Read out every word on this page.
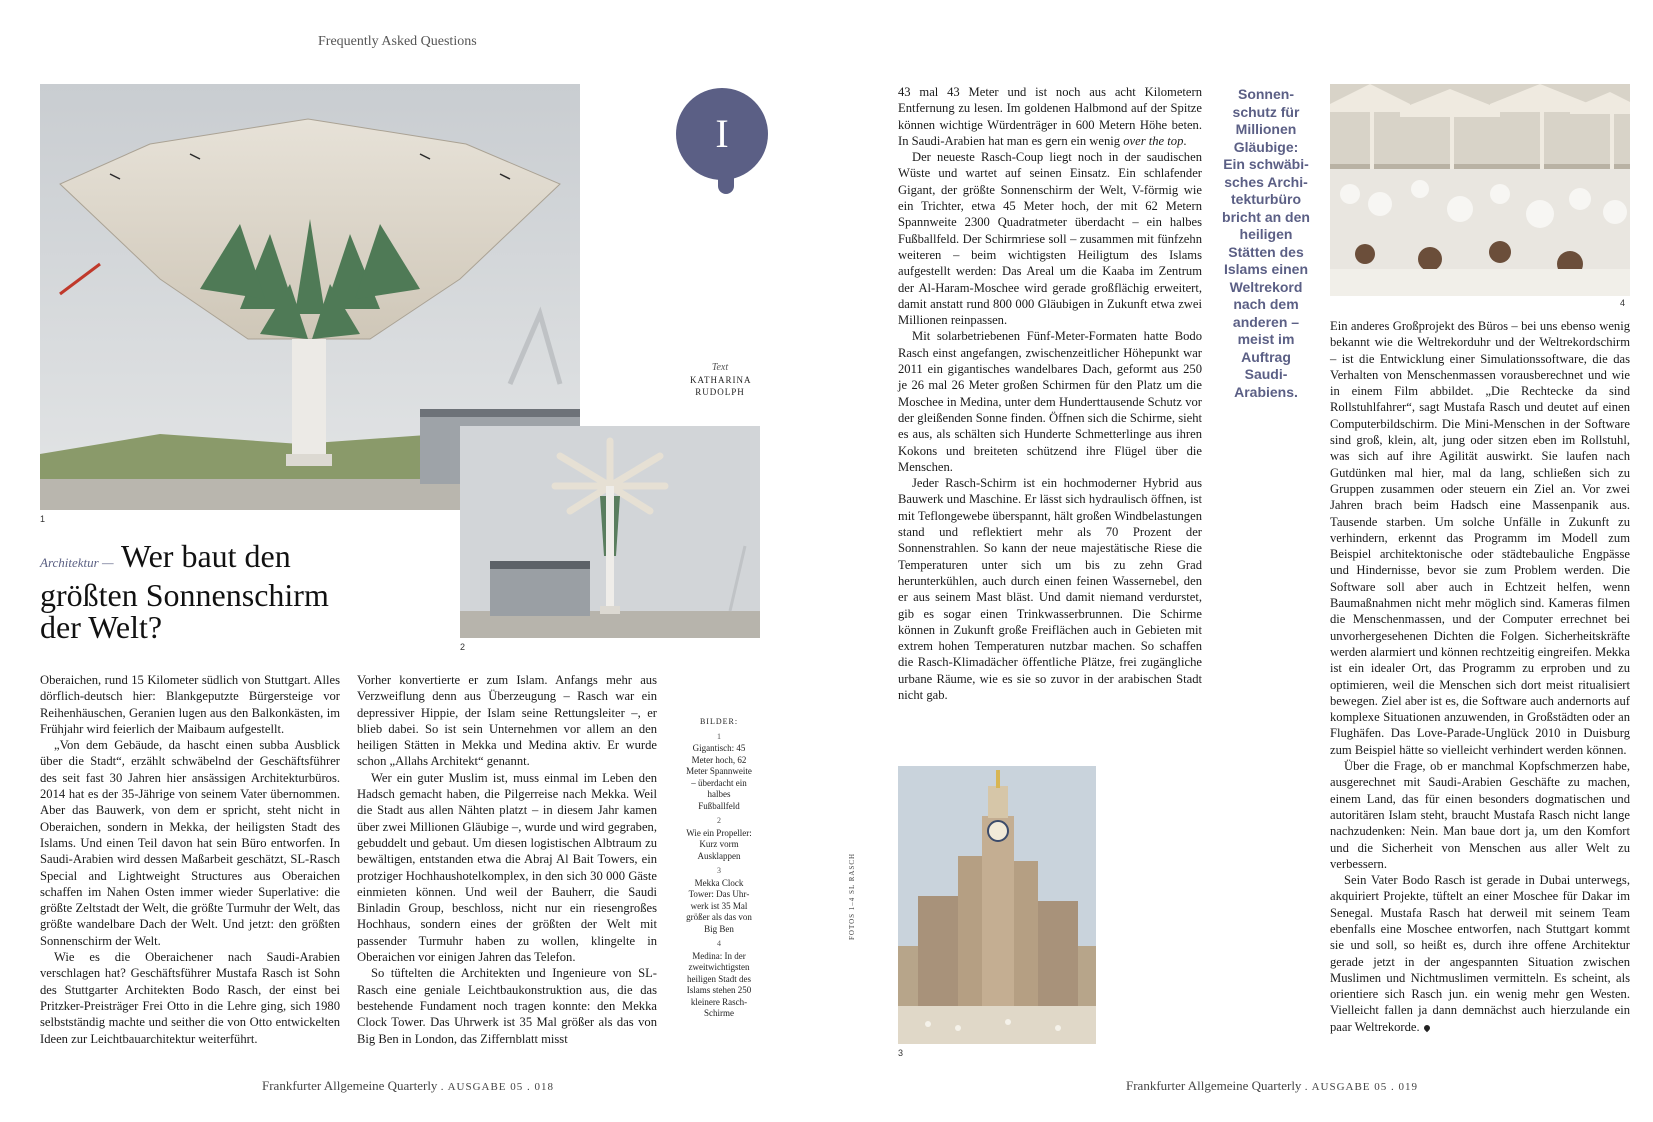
Frequently Asked Questions
1
2
I
Text
KATHARINA RUDOLPH
Architektur — Wer baut den größten Sonnenschirm der Welt?

Oberaichen, rund 15 Kilometer südlich von Stuttgart. Alles dörflich-deutsch hier: Blankgeputzte Bürgersteige vor Reihenhäuschen, Geranien lugen aus den Balkonkästen, im Frühjahr wird feierlich der Maibaum aufgestellt.

„Von dem Gebäude, da hascht einen subba Ausblick über die Stadt“, erzählt schwäbelnd der Geschäftsführer des seit fast 30 Jahren hier ansässigen Architekturbüros. 2014 hat es der 35-Jährige von seinem Vater übernommen. Aber das Bauwerk, von dem er spricht, steht nicht in Oberaichen, sondern in Mekka, der heiligsten Stadt des Islams. Und einen Teil davon hat sein Büro entworfen. In Saudi-Arabien wird dessen Maßarbeit geschätzt, SL-Rasch Special and Lightweight Structures aus Oberaichen schaffen im Nahen Osten immer wieder Superlative: die größte Zeltstadt der Welt, die größte Turmuhr der Welt, das größte wandelbare Dach der Welt. Und jetzt: den größten Sonnenschirm der Welt.

Wie es die Oberaichener nach Saudi-Arabien verschlagen hat? Geschäftsführer Mustafa Rasch ist Sohn des Stuttgarter Architekten Bodo Rasch, der einst bei Pritzker-Preisträger Frei Otto in die Lehre ging, sich 1980 selbstständig machte und seither die von Otto entwickelten Ideen zur Leichtbauarchitektur weiterführt.

Vorher konvertierte er zum Islam. Anfangs mehr aus Verzweiflung denn aus Überzeugung – Rasch war ein depressiver Hippie, der Islam seine Rettungsleiter –, er blieb dabei. So ist sein Unternehmen vor allem an den heiligen Stätten in Mekka und Medina aktiv. Er wurde schon „Allahs Architekt“ genannt.

Wer ein guter Muslim ist, muss einmal im Leben den Hadsch gemacht haben, die Pilgerreise nach Mekka. Weil die Stadt aus allen Nähten platzt – in diesem Jahr kamen über zwei Millionen Gläubige –, wurde und wird gegraben, gebuddelt und gebaut. Um diesen logistischen Albtraum zu bewältigen, entstanden etwa die Abraj Al Bait Towers, ein protziger Hochhaushotelkomplex, in den sich 30 000 Gäste einmieten können. Und weil der Bauherr, die Saudi Binladin Group, beschloss, nicht nur ein riesengroßes Hochhaus, sondern eines der größten der Welt mit passender Turmuhr haben zu wollen, klingelte in Oberaichen vor einigen Jahren das Telefon.

So tüftelten die Architekten und Ingenieure von SL-Rasch eine geniale Leichtbaukonstruktion aus, die das bestehende Fundament noch tragen konnte: den Mekka Clock Tower. Das Uhrwerk ist 35 Mal größer als das von Big Ben in London, das Ziffernblatt misst

BILDER:
1
Gigantisch: 45 Meter hoch, 62 Meter Spannweite – überdacht ein halbes Fußballfeld
2
Wie ein Propeller: Kurz vorm Ausklappen
3
Mekka Clock Tower: Das Uhrwerk ist 35 Mal größer als das von Big Ben
4
Medina: In der zweitwichtigsten heiligen Stadt des Islams stehen 250 kleinere Rasch-Schirme

43 mal 43 Meter und ist noch aus acht Kilometern Entfernung zu lesen. Im goldenen Halbmond auf der Spitze können wichtige Würdenträger in 600 Metern Höhe beten. In Saudi-Arabien hat man es gern ein wenig over the top.

Der neueste Rasch-Coup liegt noch in der saudischen Wüste und wartet auf seinen Einsatz. Ein schlafender Gigant, der größte Sonnenschirm der Welt, V-förmig wie ein Trichter, etwa 45 Meter hoch, der mit 62 Metern Spannweite 2300 Quadratmeter überdacht – ein halbes Fußballfeld. Der Schirmriese soll – zusammen mit fünfzehn weiteren – beim wichtigsten Heiligtum des Islams aufgestellt werden: Das Areal um die Kaaba im Zentrum der Al-Haram-Moschee wird gerade großflächig erweitert, damit anstatt rund 800 000 Gläubigen in Zukunft etwa zwei Millionen reinpassen.

Mit solarbetriebenen Fünf-Meter-Formaten hatte Bodo Rasch einst angefangen, zwischenzeitlicher Höhepunkt war 2011 ein gigantisches wandelbares Dach, geformt aus 250 je 26 mal 26 Meter großen Schirmen für den Platz um die Moschee in Medina, unter dem Hunderttausende Schutz vor der gleißenden Sonne finden. Öffnen sich die Schirme, sieht es aus, als schälten sich Hunderte Schmetterlinge aus ihren Kokons und breiteten schützend ihre Flügel über die Menschen.

Jeder Rasch-Schirm ist ein hochmoderner Hybrid aus Bauwerk und Maschine. Er lässt sich hydraulisch öffnen, ist mit Teflongewebe überspannt, hält großen Windbelastungen stand und reflektiert mehr als 70 Prozent der Sonnenstrahlen. So kann der neue majestätische Riese die Temperaturen unter sich um bis zu zehn Grad herunterkühlen, auch durch einen feinen Wassernebel, den er aus seinem Mast bläst. Und damit niemand verdurstet, gib es sogar einen Trinkwasserbrunnen. Die Schirme können in Zukunft große Freiflächen auch in Gebieten mit extrem hohen Temperaturen nutzbar machen. So schaffen die Rasch-Klimadächer öffentliche Plätze, frei zugängliche urbane Räume, wie es sie so zuvor in der arabischen Stadt nicht gab.

Sonnenschutz für Millionen Gläubige: Ein schwäbisches Architekturbüro bricht an den heiligen Stätten des Islams einen Weltrekord nach dem anderen – meist im Auftrag Saudi-Arabiens.
4

Ein anderes Großprojekt des Büros – bei uns ebenso wenig bekannt wie die Weltrekorduhr und der Weltrekordschirm – ist die Entwicklung einer Simulationssoftware, die das Verhalten von Menschenmassen vorausberechnet und wie in einem Film abbildet. „Die Rechtecke da sind Rollstuhlfahrer“, sagt Mustafa Rasch und deutet auf einen Computerbildschirm. Die Mini-Menschen in der Software sind groß, klein, alt, jung oder sitzen eben im Rollstuhl, was sich auf ihre Agilität auswirkt. Sie laufen nach Gutdünken mal hier, mal da lang, schließen sich zu Gruppen zusammen oder steuern ein Ziel an. Vor zwei Jahren brach beim Hadsch eine Massenpanik aus. Tausende starben. Um solche Unfälle in Zukunft zu verhindern, erkennt das Programm im Modell zum Beispiel architektonische oder städtebauliche Engpässe und Hindernisse, bevor sie zum Problem werden. Die Software soll aber auch in Echtzeit helfen, wenn Baumaßnahmen nicht mehr möglich sind. Kameras filmen die Menschenmassen, und der Computer errechnet bei unvorhergesehenen Dichten die Folgen. Sicherheitskräfte werden alarmiert und können rechtzeitig eingreifen. Mekka ist ein idealer Ort, das Programm zu erproben und zu optimieren, weil die Menschen sich dort meist ritualisiert bewegen. Ziel aber ist es, die Software auch andernorts auf komplexe Situationen anzuwenden, in Großstädten oder an Flughäfen. Das Love-Parade-Unglück 2010 in Duisburg zum Beispiel hätte so vielleicht verhindert werden können.

Über die Frage, ob er manchmal Kopfschmerzen habe, ausgerechnet mit Saudi-Arabien Geschäfte zu machen, einem Land, das für einen besonders dogmatischen und autoritären Islam steht, braucht Mustafa Rasch nicht lange nachzudenken: Nein. Man baue dort ja, um den Komfort und die Sicherheit von Menschen aus aller Welt zu verbessern.

Sein Vater Bodo Rasch ist gerade in Dubai unterwegs, akquiriert Projekte, tüftelt an einer Moschee für Dakar im Senegal. Mustafa Rasch hat derweil mit seinem Team ebenfalls eine Moschee entworfen, nach Stuttgart kommt sie und soll, so heißt es, durch ihre offene Architektur gerade jetzt in der angespannten Situation zwischen Muslimen und Nichtmuslimen vermitteln. Es scheint, als orientiere sich Rasch jun. ein wenig mehr gen Westen. Vielleicht fallen ja dann demnächst auch hierzulande ein paar Weltrekorde.

3
FOTOS 1–4 SL RASCH
Frankfurter Allgemeine Quarterly . AUSGABE 05 . 018	Frankfurter Allgemeine Quarterly . AUSGABE 05 . 019
